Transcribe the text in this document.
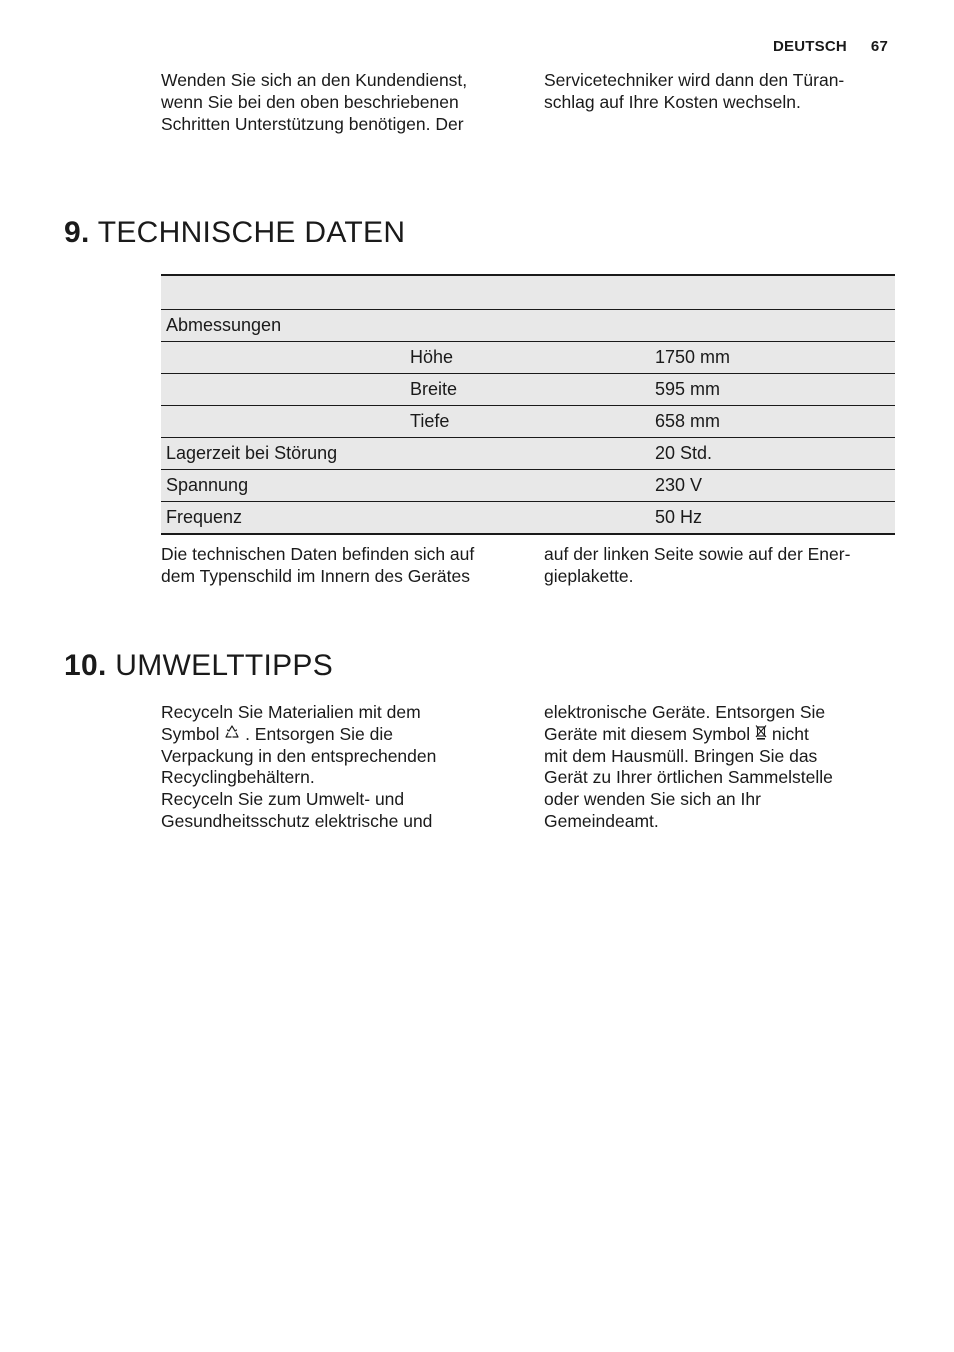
DEUTSCH 67

Wenden Sie sich an den Kundendienst,
wenn Sie bei den oben beschriebenen
Schritten Unterstützung benötigen. Der

Servicetechniker wird dann den Türan-
schlag auf Ihre Kosten wechseln.

9. TECHNISCHE DATEN
Abmessungen
Höhe	1750 mm
Breite	595 mm
Tiefe	658 mm
Lagerzeit bei Störung	20 Std.
Spannung	230 V
Frequenz	50 Hz

Die technischen Daten befinden sich auf
dem Typenschild im Innern des Gerätes

auf der linken Seite sowie auf der Ener-
gieplakette.

10. UMWELTTIPPS

Recyceln Sie Materialien mit dem
Symbol  . Entsorgen Sie die
Verpackung in den entsprechenden
Recyclingbehältern.
Recyceln Sie zum Umwelt- und
Gesundheitsschutz elektrische und

elektronische Geräte. Entsorgen Sie
Geräte mit diesem Symbol  nicht
mit dem Hausmüll. Bringen Sie das
Gerät zu Ihrer örtlichen Sammelstelle
oder wenden Sie sich an Ihr
Gemeindeamt.
